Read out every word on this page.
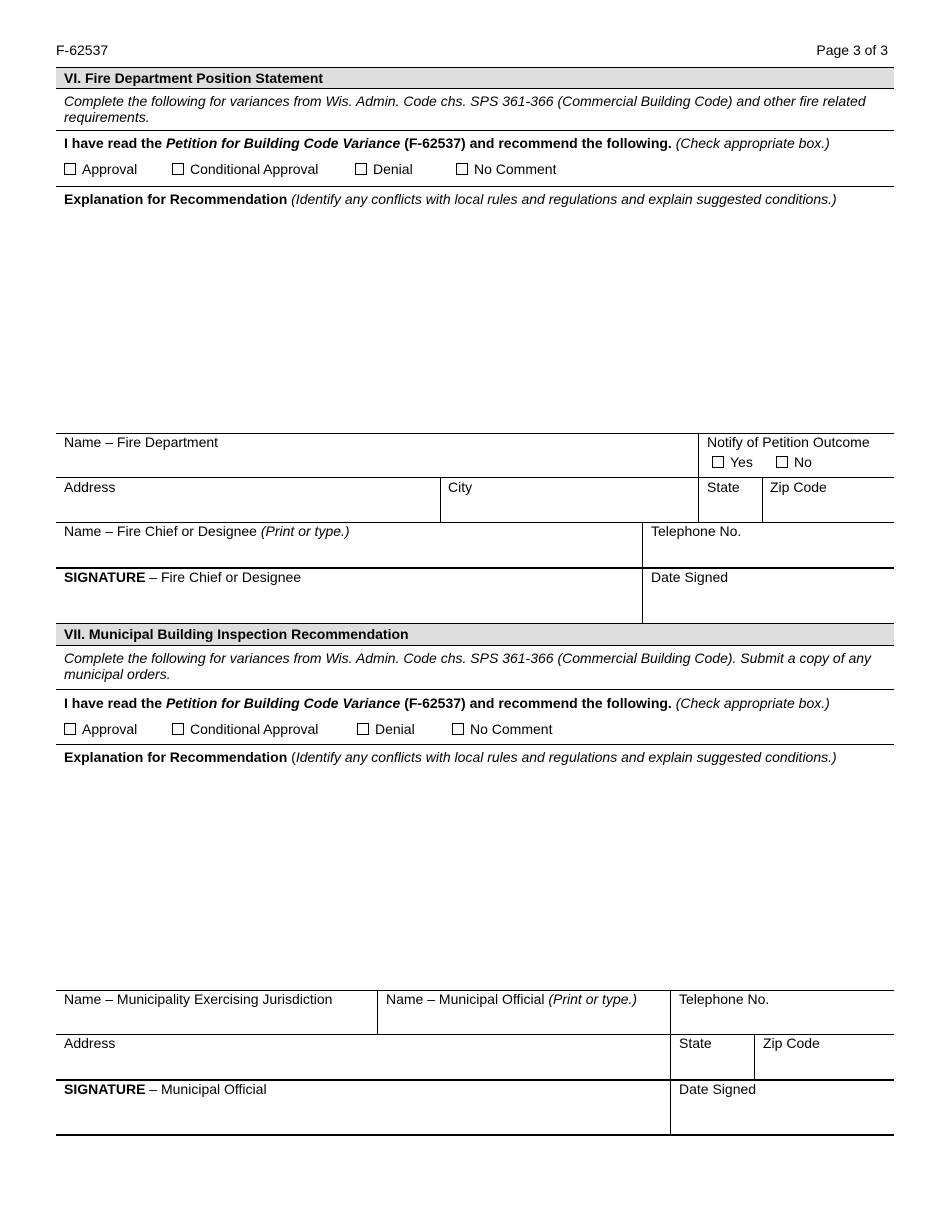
F-62537	Page 3 of 3
VI. Fire Department Position Statement
Complete the following for variances from Wis. Admin. Code chs. SPS 361-366 (Commercial Building Code) and other fire related requirements.
I have read the Petition for Building Code Variance (F-62537) and recommend the following. (Check appropriate box.)
Approval	Conditional Approval	Denial	No Comment
Explanation for Recommendation (Identify any conflicts with local rules and regulations and explain suggested conditions.)
Name – Fire Department	Notify of Petition Outcome
Yes	No
Address	City	State Zip Code
Name – Fire Chief or Designee (Print or type.)	Telephone No.
SIGNATURE – Fire Chief or Designee	Date Signed
VII. Municipal Building Inspection Recommendation
Complete the following for variances from Wis. Admin. Code chs. SPS 361-366 (Commercial Building Code). Submit a copy of any municipal orders.
I have read the Petition for Building Code Variance (F-62537) and recommend the following. (Check appropriate box.)
Approval	Conditional Approval	Denial	No Comment
Explanation for Recommendation (Identify any conflicts with local rules and regulations and explain suggested conditions.)
Name – Municipality Exercising Jurisdiction	Name – Municipal Official (Print or type.)	Telephone No.
Address	State	Zip Code
SIGNATURE – Municipal Official	Date Signed
